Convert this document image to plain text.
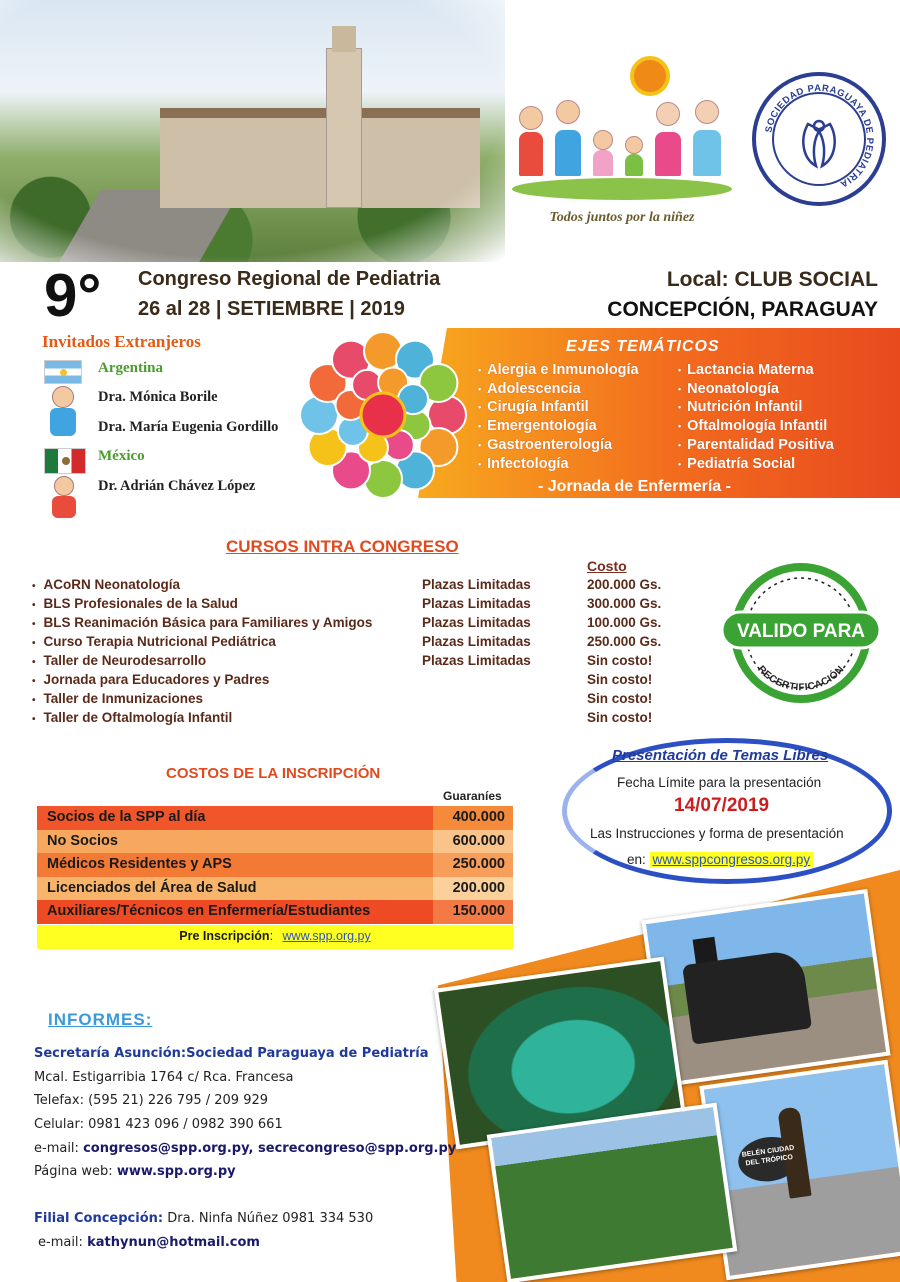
Todos juntos por la niñez
SOCIEDAD PARAGUAYA DE PEDIATRIA
9° Congreso Regional de Pediatria
26 al 28 | SETIEMBRE | 2019
Local: CLUB SOCIAL
CONCEPCIÓN, PARAGUAY
Invitados Extranjeros
Argentina
Dra. Mónica Borile
Dra. María Eugenia Gordillo
México
Dr. Adrián Chávez López
EJES TEMÁTICOS
• Alergia e Inmunología
• Adolescencia
• Cirugía Infantil
• Emergentología
• Gastroenterología
• Infectología
• Lactancia Materna
• Neonatología
• Nutrición Infantil
• Oftalmología Infantil
• Parentalidad Positiva
• Pediatría Social
- Jornada de Enfermería -
CURSOS INTRA CONGRESO
Costo
• ACoRN Neonatología	Plazas Limitadas	200.000 Gs.
• BLS Profesionales de la Salud	Plazas Limitadas	300.000 Gs.
• BLS Reanimación Básica para Familiares y Amigos	Plazas Limitadas	100.000 Gs.
• Curso Terapia Nutricional Pediátrica	Plazas Limitadas	250.000 Gs.
• Taller de Neurodesarrollo	Plazas Limitadas	Sin costo!
• Jornada para Educadores y Padres	Sin costo!
• Taller de Inmunizaciones	Sin costo!
• Taller de Oftalmología Infantil	Sin costo!
VALIDO PARA
RECERTIFICACIÓN
COSTOS DE LA INSCRIPCIÓN
Guaraníes
Socios de la SPP al día	400.000
No Socios	600.000
Médicos Residentes y APS	250.000
Licenciados del Área de Salud	200.000
Auxiliares/Técnicos en Enfermería/Estudiantes	150.000
Pre Inscripción: www.spp.org.py
Presentación de Temas Libres
Fecha Límite para la presentación
14/07/2019
Las Instrucciones y forma de presentación
en: www.sppcongresos.org.py
BELÉN CIUDAD DEL TRÓPICO
INFORMES:
Secretaría Asunción:Sociedad Paraguaya de Pediatría
Mcal. Estigarribia 1764 c/ Rca. Francesa
Telefax: (595 21) 226 795 / 209 929
Celular: 0981 423 096 / 0982 390 661
e-mail: congresos@spp.org.py, secrecongreso@spp.org.py
Página web: www.spp.org.py
Filial Concepción: Dra. Ninfa Núñez 0981 334 530
e-mail: kathynun@hotmail.com
